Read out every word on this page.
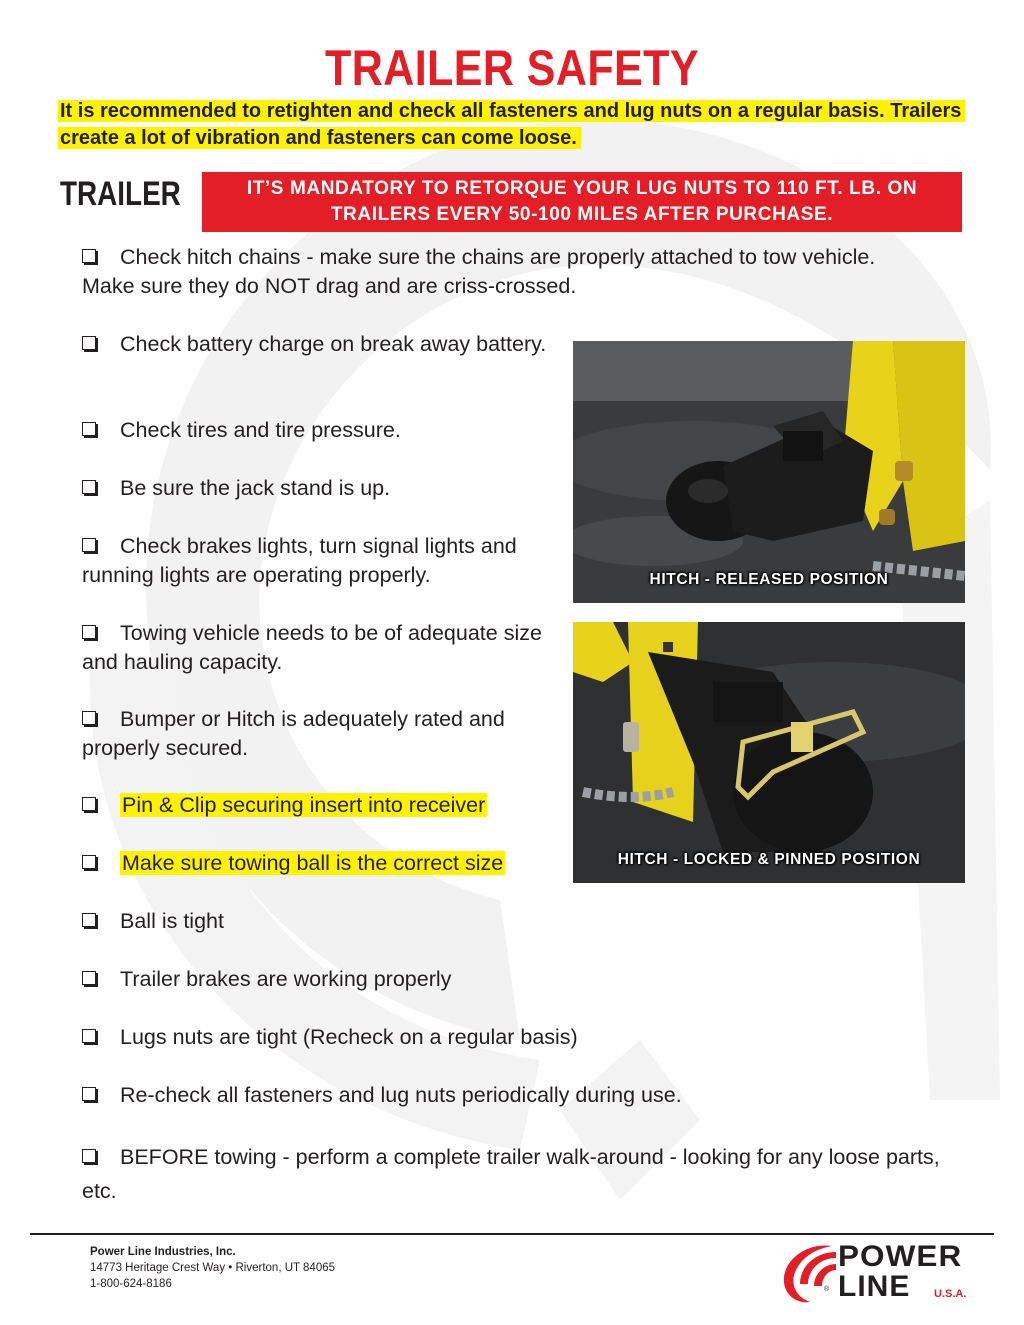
TRAILER SAFETY
It is recommended to retighten and check all fasteners and lug nuts on a regular basis. Trailers create a lot of vibration and fasteners can come loose.
TRAILER	IT’S MANDATORY TO RETORQUE YOUR LUG NUTS TO 110 FT. LB. ON TRAILERS EVERY 50-100 MILES AFTER PURCHASE.
Check hitch chains - make sure the chains are properly attached to tow vehicle. Make sure they do NOT drag and are criss-crossed.
Check battery charge on break away battery.
Check tires and tire pressure.
Be sure the jack stand is up.
Check brakes lights, turn signal lights and running lights are operating properly.
Towing vehicle needs to be of adequate size and hauling capacity.
Bumper or Hitch is adequately rated and properly secured.
Pin & Clip securing insert into receiver
Make sure towing ball is the correct size
Ball is tight
Trailer brakes are working properly
Lugs nuts are tight (Recheck on a regular basis)
Re-check all fasteners and lug nuts periodically during use.
BEFORE towing - perform a complete trailer walk-around - looking for any loose parts, etc.
HITCH - RELEASED POSITION
HITCH - LOCKED & PINNED POSITION
Power Line Industries, Inc.
14773 Heritage Crest Way • Riverton, UT 84065
1-800-624-8186
POWER
® LINE U.S.A.
